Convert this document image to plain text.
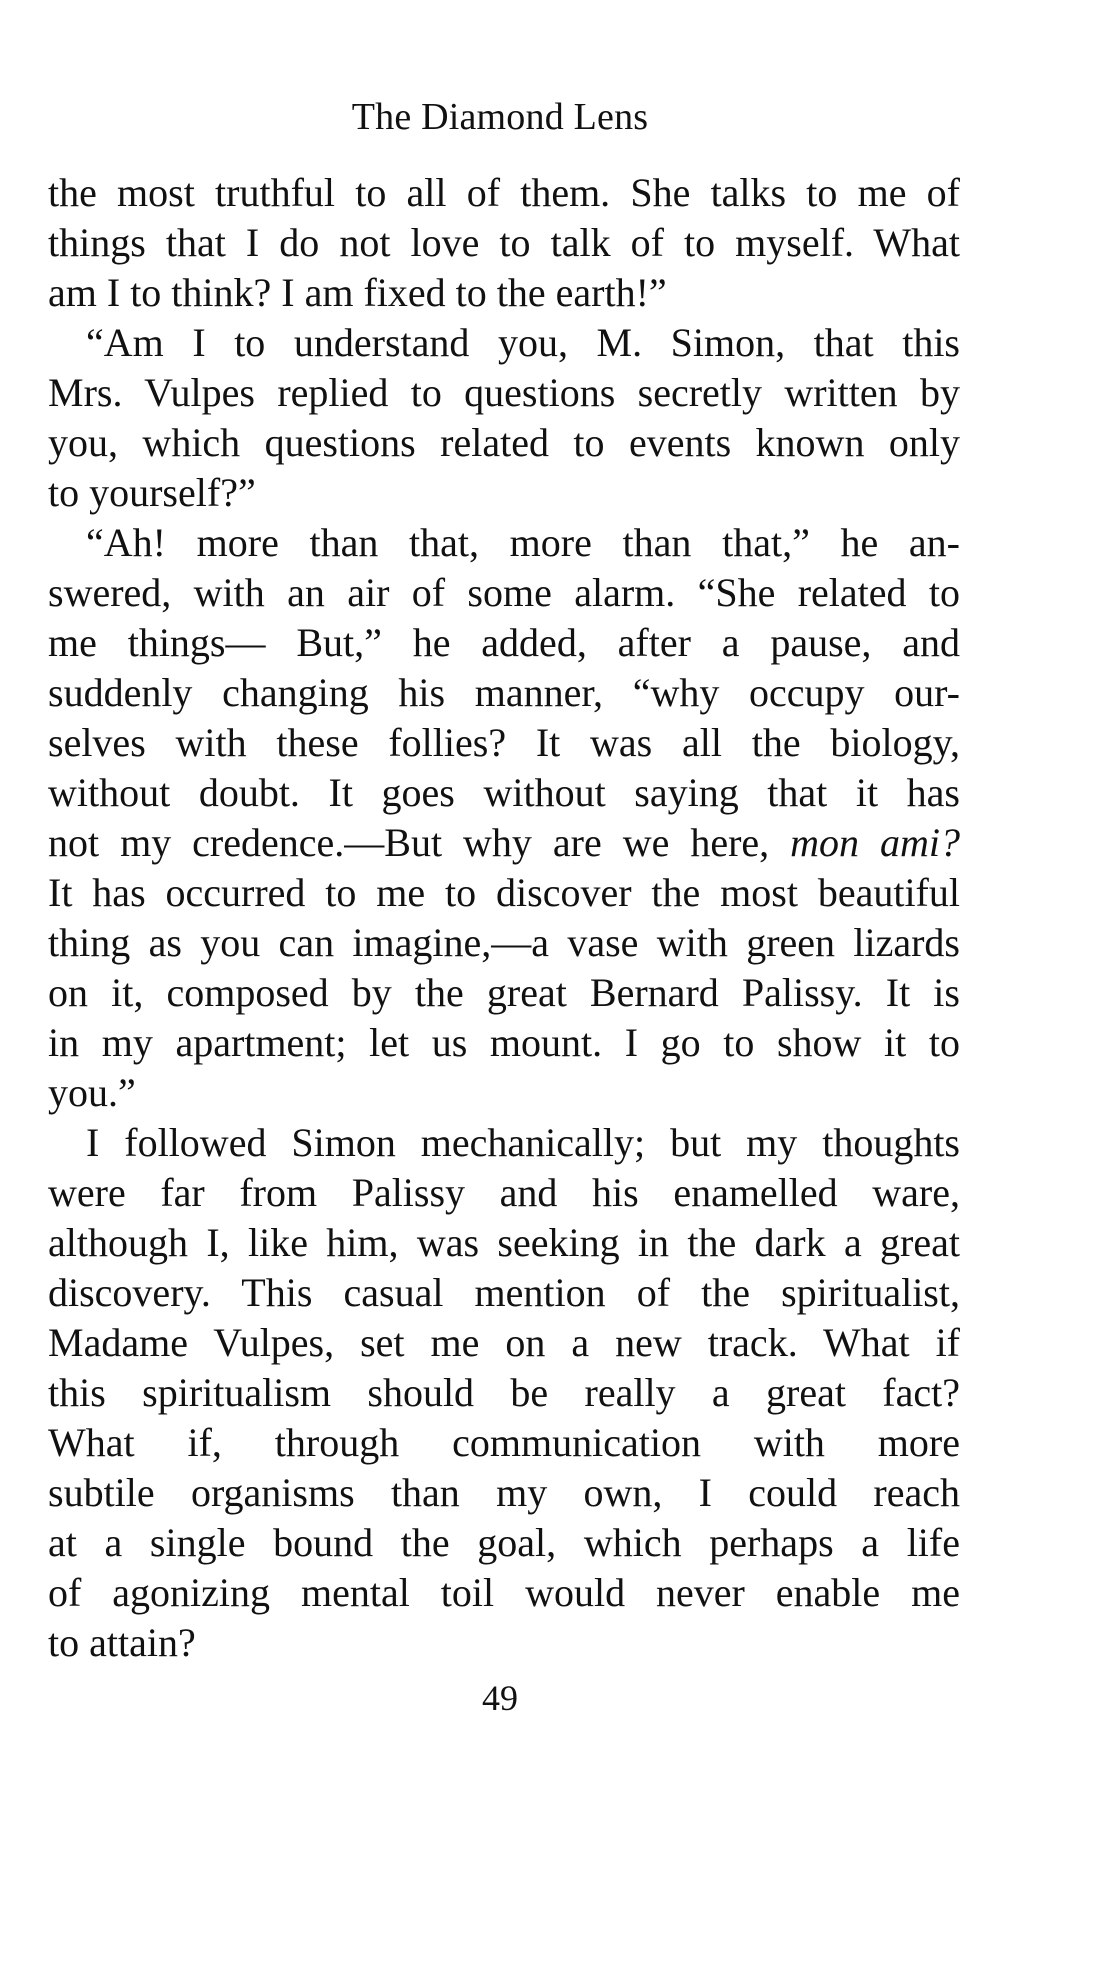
The Diamond Lens
the most truthful to all of them. She talks to me of
things that I do not love to talk of to myself. What
am I to think? I am fixed to the earth!”
“Am I to understand you, M. Simon, that this
Mrs. Vulpes replied to questions secretly written by
you, which questions related to events known only
to yourself?”
“Ah! more than that, more than that,” he an-
swered, with an air of some alarm. “She related to
me things— But,” he added, after a pause, and
suddenly changing his manner, “why occupy our-
selves with these follies? It was all the biology,
without doubt. It goes without saying that it has
not my credence.—But why are we here, mon ami?
It has occurred to me to discover the most beautiful
thing as you can imagine,—a vase with green lizards
on it, composed by the great Bernard Palissy. It is
in my apartment; let us mount. I go to show it to
you.”
I followed Simon mechanically; but my thoughts
were far from Palissy and his enamelled ware,
although I, like him, was seeking in the dark a great
discovery. This casual mention of the spiritualist,
Madame Vulpes, set me on a new track. What if
this spiritualism should be really a great fact?
What if, through communication with more
subtile organisms than my own, I could reach
at a single bound the goal, which perhaps a life
of agonizing mental toil would never enable me
to attain?
49
